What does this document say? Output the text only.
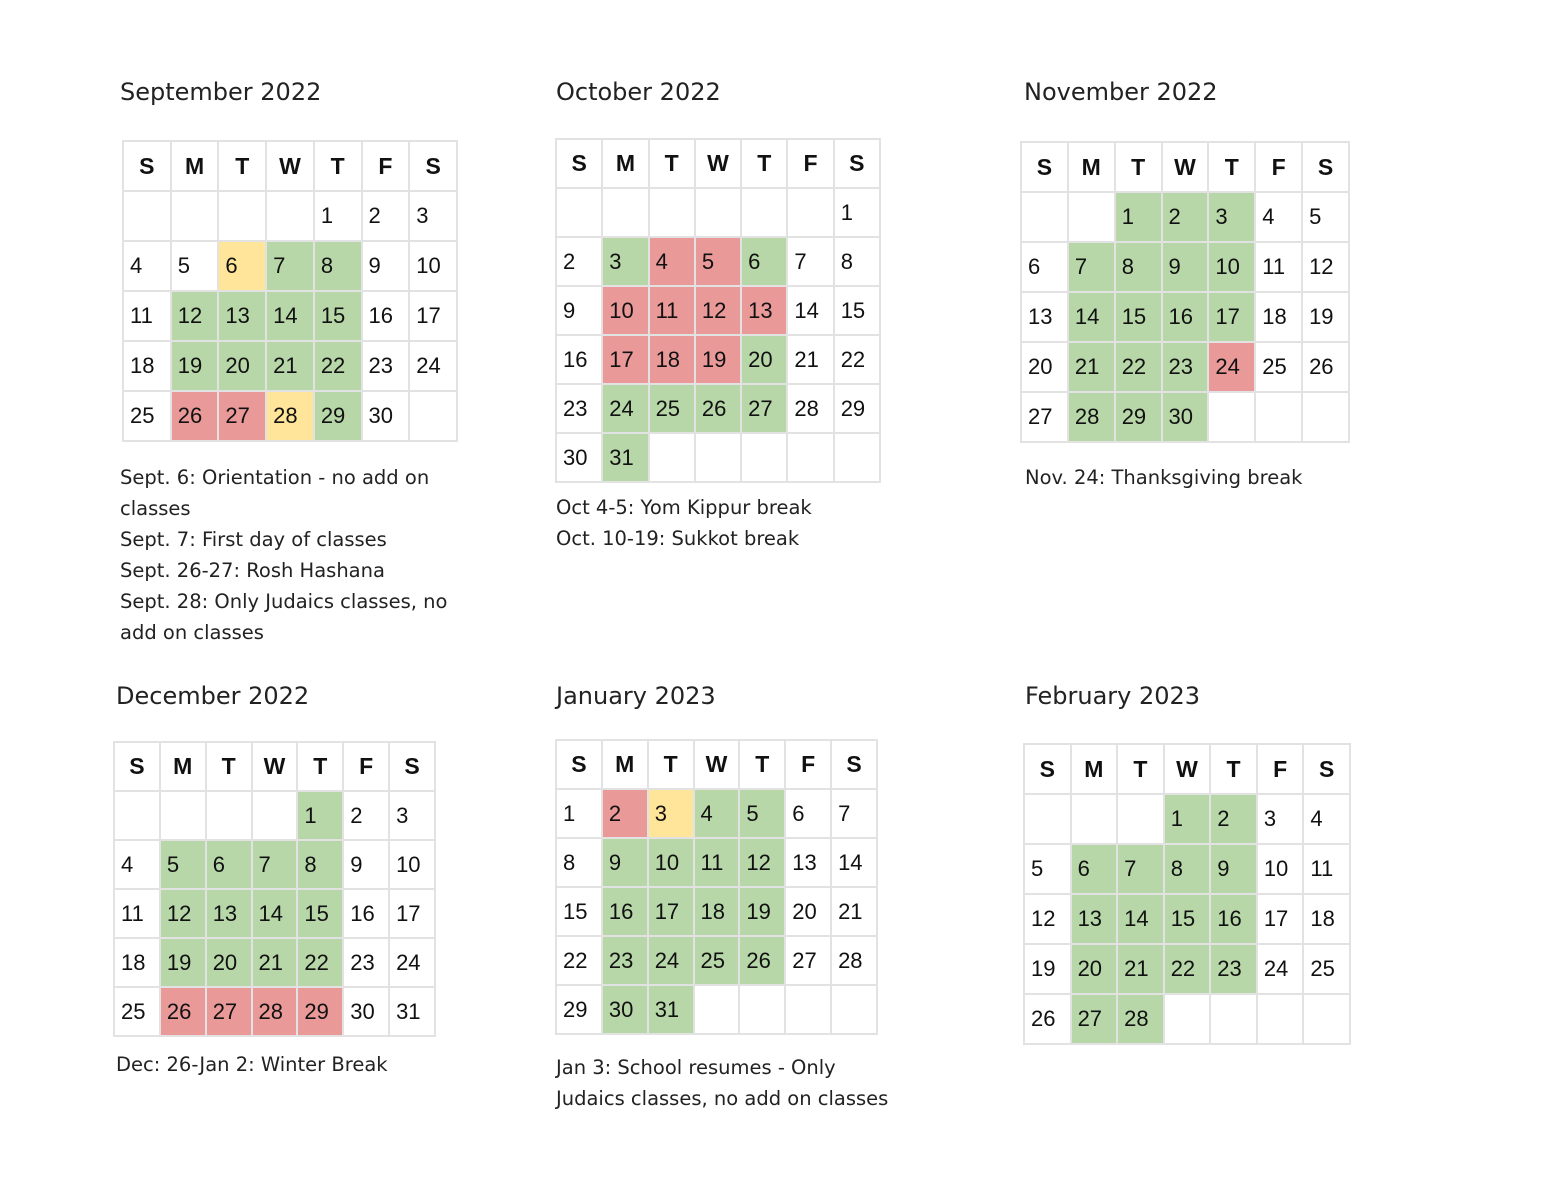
September 2022
S	M	T	W	T	F	S
				1	2	3
4	5	6	7	8	9	10
11	12	13	14	15	16	17
18	19	20	21	22	23	24
25	26	27	28	29	30	
Sept. 6: Orientation - no add on classes
Sept. 7: First day of classes
Sept. 26-27: Rosh Hashana
Sept. 28: Only Judaics classes, no add on classes
October 2022
S	M	T	W	T	F	S
						1
2	3	4	5	6	7	8
9	10	11	12	13	14	15
16	17	18	19	20	21	22
23	24	25	26	27	28	29
30	31					
Oct 4-5: Yom Kippur break
Oct. 10-19: Sukkot break
November 2022
S	M	T	W	T	F	S
		1	2	3	4	5
6	7	8	9	10	11	12
13	14	15	16	17	18	19
20	21	22	23	24	25	26
27	28	29	30			
Nov. 24: Thanksgiving break
December 2022
S	M	T	W	T	F	S
				1	2	3
4	5	6	7	8	9	10
11	12	13	14	15	16	17
18	19	20	21	22	23	24
25	26	27	28	29	30	31
Dec: 26-Jan 2: Winter Break
January 2023
S	M	T	W	T	F	S
1	2	3	4	5	6	7
8	9	10	11	12	13	14
15	16	17	18	19	20	21
22	23	24	25	26	27	28
29	30	31				
Jan 3: School resumes - Only Judaics classes, no add on classes
February 2023
S	M	T	W	T	F	S
			1	2	3	4
5	6	7	8	9	10	11
12	13	14	15	16	17	18
19	20	21	22	23	24	25
26	27	28				
